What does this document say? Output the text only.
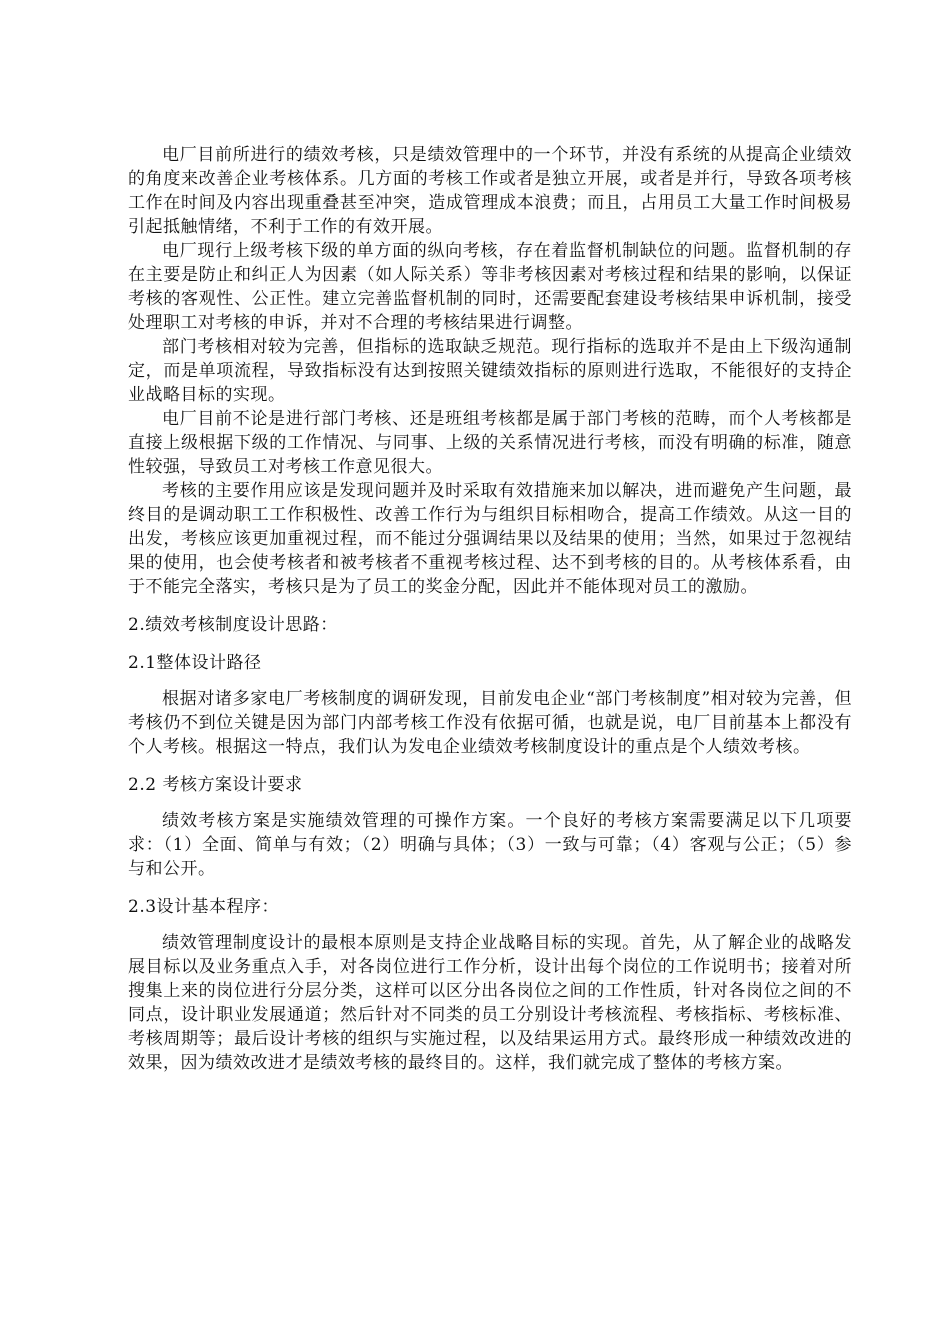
电厂目前所进行的绩效考核，只是绩效管理中的一个环节，并没有系统的从提高企业绩效的角度来改善企业考核体系。几方面的考核工作或者是独立开展，或者是并行，导致各项考核工作在时间及内容出现重叠甚至冲突，造成管理成本浪费；而且，占用员工大量工作时间极易引起抵触情绪，不利于工作的有效开展。

电厂现行上级考核下级的单方面的纵向考核，存在着监督机制缺位的问题。监督机制的存在主要是防止和纠正人为因素（如人际关系）等非考核因素对考核过程和结果的影响，以保证考核的客观性、公正性。建立完善监督机制的同时，还需要配套建设考核结果申诉机制，接受处理职工对考核的申诉，并对不合理的考核结果进行调整。

部门考核相对较为完善，但指标的选取缺乏规范。现行指标的选取并不是由上下级沟通制定，而是单项流程，导致指标没有达到按照关键绩效指标的原则进行选取，不能很好的支持企业战略目标的实现。

电厂目前不论是进行部门考核、还是班组考核都是属于部门考核的范畴，而个人考核都是直接上级根据下级的工作情况、与同事、上级的关系情况进行考核，而没有明确的标准，随意性较强，导致员工对考核工作意见很大。

考核的主要作用应该是发现问题并及时采取有效措施来加以解决，进而避免产生问题，最终目的是调动职工工作积极性、改善工作行为与组织目标相吻合，提高工作绩效。从这一目的出发，考核应该更加重视过程，而不能过分强调结果以及结果的使用；当然，如果过于忽视结果的使用，也会使考核者和被考核者不重视考核过程、达不到考核的目的。从考核体系看，由于不能完全落实，考核只是为了员工的奖金分配，因此并不能体现对员工的激励。

2.绩效考核制度设计思路：

2.1整体设计路径

根据对诸多家电厂考核制度的调研发现，目前发电企业“部门考核制度”相对较为完善，但考核仍不到位关键是因为部门内部考核工作没有依据可循，也就是说，电厂目前基本上都没有个人考核。根据这一特点，我们认为发电企业绩效考核制度设计的重点是个人绩效考核。

2.2 考核方案设计要求

绩效考核方案是实施绩效管理的可操作方案。一个良好的考核方案需要满足以下几项要求：（1）全面、简单与有效；（2）明确与具体；（3）一致与可靠；（4）客观与公正；（5）参与和公开。

2.3设计基本程序：

绩效管理制度设计的最根本原则是支持企业战略目标的实现。首先，从了解企业的战略发展目标以及业务重点入手，对各岗位进行工作分析，设计出每个岗位的工作说明书；接着对所搜集上来的岗位进行分层分类，这样可以区分出各岗位之间的工作性质，针对各岗位之间的不同点，设计职业发展通道；然后针对不同类的员工分别设计考核流程、考核指标、考核标准、考核周期等；最后设计考核的组织与实施过程，以及结果运用方式。最终形成一种绩效改进的效果，因为绩效改进才是绩效考核的最终目的。这样，我们就完成了整体的考核方案。
